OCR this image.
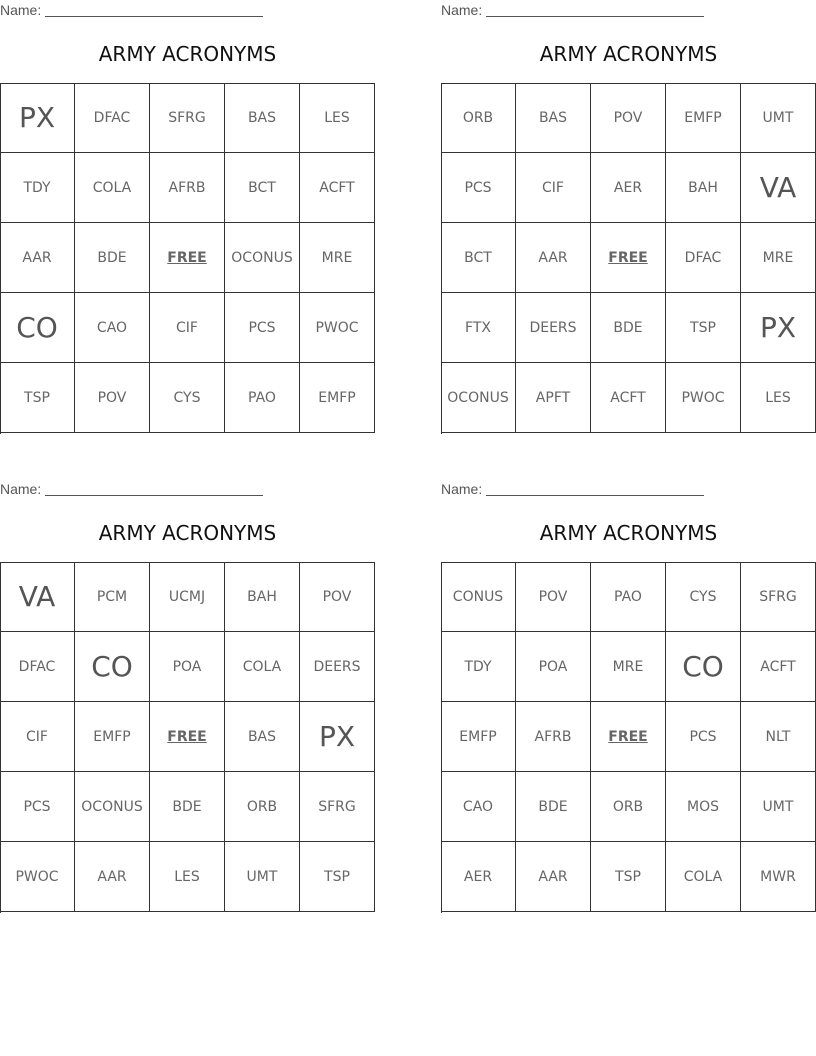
Name:
ARMY ACRONYMS
PX	DFAC	SFRG	BAS	LES
TDY	COLA	AFRB	BCT	ACFT
AAR	BDE	FREE	OCONUS	MRE
CO	CAO	CIF	PCS	PWOC
TSP	POV	CYS	PAO	EMFP
Name:
ARMY ACRONYMS
ORB	BAS	POV	EMFP	UMT
PCS	CIF	AER	BAH	VA
BCT	AAR	FREE	DFAC	MRE
FTX	DEERS	BDE	TSP	PX
OCONUS	APFT	ACFT	PWOC	LES
Name:
ARMY ACRONYMS
VA	PCM	UCMJ	BAH	POV
DFAC	CO	POA	COLA	DEERS
CIF	EMFP	FREE	BAS	PX
PCS	OCONUS	BDE	ORB	SFRG
PWOC	AAR	LES	UMT	TSP
Name:
ARMY ACRONYMS
CONUS	POV	PAO	CYS	SFRG
TDY	POA	MRE	CO	ACFT
EMFP	AFRB	FREE	PCS	NLT
CAO	BDE	ORB	MOS	UMT
AER	AAR	TSP	COLA	MWR
